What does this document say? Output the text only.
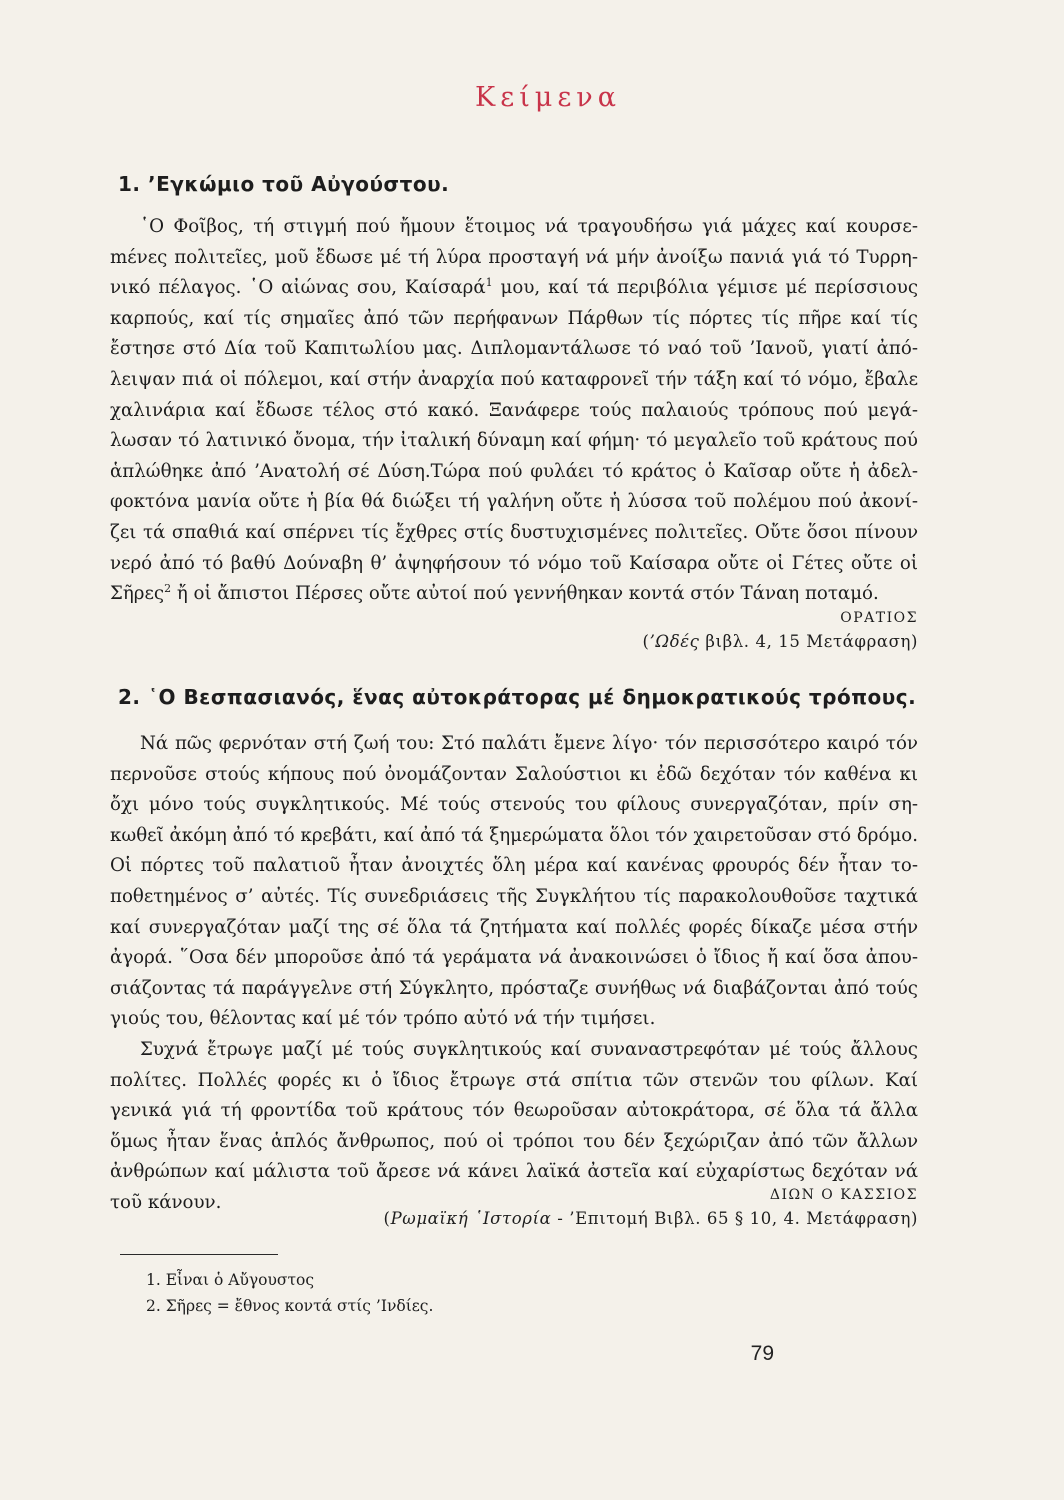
Κείμενα
1. ’Εγκώμιο τοῦ Αὐγούστου.

῾Ο Φοῖβος, τή στιγμή πού ἤμουν ἕτοιμος νά τραγουδήσω γιά μάχες καί κουρσεmένες πολιτεῖες, μοῦ ἔδωσε μέ τή λύρα προσταγή νά μήν ἀνοίξω πανιά γιά τό Τυρρηνικό πέλαγος. ῾Ο αἰώνας σου, Καίσαρά$^1$ μου, καί τά περιβόλια γέμισε μέ περίσσιους καρπούς, καί τίς σημαῖες ἀπό τῶν περήφανων Πάρθων τίς πόρτες τίς πῆρε καί τίς ἔστησε στό Δία τοῦ Καπιτωλίου μας. Διπλομαντάλωσε τό ναό τοῦ ’Ιανοῦ, γιατί ἀπόλειψαν πιά οἱ πόλεμοι, καί στήν ἀναρχία πού καταφρονεῖ τήν τάξη καί τό νόμο, ἔβαλε χαλινάρια καί ἔδωσε τέλος στό κακό. Ξανάφερε τούς παλαιούς τρόπους πού μεγάλωσαν τό λατινικό ὄνομα, τήν ἰταλική δύναμη καί φήμη· τό μεγαλεῖο τοῦ κράτους πού ἁπλώθηκε ἀπό ’Ανατολή σέ Δύση.Τώρα πού φυλάει τό κράτος ὁ Καῖσαρ οὔτε ἡ ἀδελφοκτόνα μανία οὔτε ἡ βία θά διώξει τή γαλήνη οὔτε ἡ λύσσα τοῦ πολέμου πού ἀκονίζει τά σπαθιά καί σπέρνει τίς ἔχθρες στίς δυστυχισμένες πολιτεῖες. Οὔτε ὅσοι πίνουν νερό ἀπό τό βαθύ Δούναβη θ’ ἀψηφήσουν τό νόμο τοῦ Καίσαρα οὔτε οἱ Γέτες οὔτε οἱ Σῆρες$^2$ ἤ οἱ ἄπιστοι Πέρσες οὔτε αὐτοί πού γεννήθηκαν κοντά στόν Τάναη ποταμό.

ΟΡΑΤΙΟΣ
(’Ωδές βιβλ. 4, 15 Μετάφραση)
2. ῾Ο Βεσπασιανός, ἕνας αὐτοκράτορας μέ δημοκρατικούς τρόπους.

Νά πῶς φερνόταν στή ζωή του: Στό παλάτι ἔμενε λίγο· τόν περισσότερο καιρό τόν περνοῦσε στούς κήπους πού ὀνομάζονταν Σαλούστιοι κι ἐδῶ δεχόταν τόν καθένα κι ὄχι μόνο τούς συγκλητικούς. Μέ τούς στενούς του φίλους συνεργαζόταν, πρίν σηκωθεῖ ἀκόμη ἀπό τό κρεβάτι, καί ἀπό τά ξημερώματα ὅλοι τόν χαιρετοῦσαν στό δρόμο. Οἱ πόρτες τοῦ παλατιοῦ ἦταν ἀνοιχτές ὅλη μέρα καί κανένας φρουρός δέν ἦταν τοποθετημένος σ’ αὐτές. Τίς συνεδριάσεις τῆς Συγκλήτου τίς παρακολουθοῦσε ταχτικά καί συνεργαζόταν μαζί της σέ ὅλα τά ζητήματα καί πολλές φορές δίκαζε μέσα στήν ἀγορά. ῞Οσα δέν μποροῦσε ἀπό τά γεράματα νά ἀνακοινώσει ὁ ἴδιος ἤ καί ὅσα ἀπουσιάζοντας τά παράγγελνε στή Σύγκλητο, πρόσταζε συνήθως νά διαβάζονται ἀπό τούς γιούς του, θέλοντας καί μέ τόν τρόπο αὐτό νά τήν τιμήσει.

Συχνά ἔτρωγε μαζί μέ τούς συγκλητικούς καί συναναστρεφόταν μέ τούς ἄλλους πολίτες. Πολλές φορές κι ὁ ἴδιος ἔτρωγε στά σπίτια τῶν στενῶν του φίλων. Καί γενικά γιά τή φροντίδα τοῦ κράτους τόν θεωροῦσαν αὐτοκράτορα, σέ ὅλα τά ἄλλα ὅμως ἦταν ἕνας ἁπλός ἄνθρωπος, πού οἱ τρόποι του δέν ξεχώριζαν ἀπό τῶν ἄλλων ἀνθρώπων καί μάλιστα τοῦ ἄρεσε νά κάνει λαϊκά ἀστεῖα καί εὐχαρίστως δεχόταν νά τοῦ κάνουν.	ΔΙΩΝ Ο ΚΑΣΣΙΟΣ
(Ρωμαϊκή ῾Ιστορία - ’Επιτομή Βιβλ. 65 § 10, 4. Μετάφραση)
1. Εἶναι ὁ Αὔγουστος
2. Σῆρες = ἔθνος κοντά στίς ’Ινδίες.
79
